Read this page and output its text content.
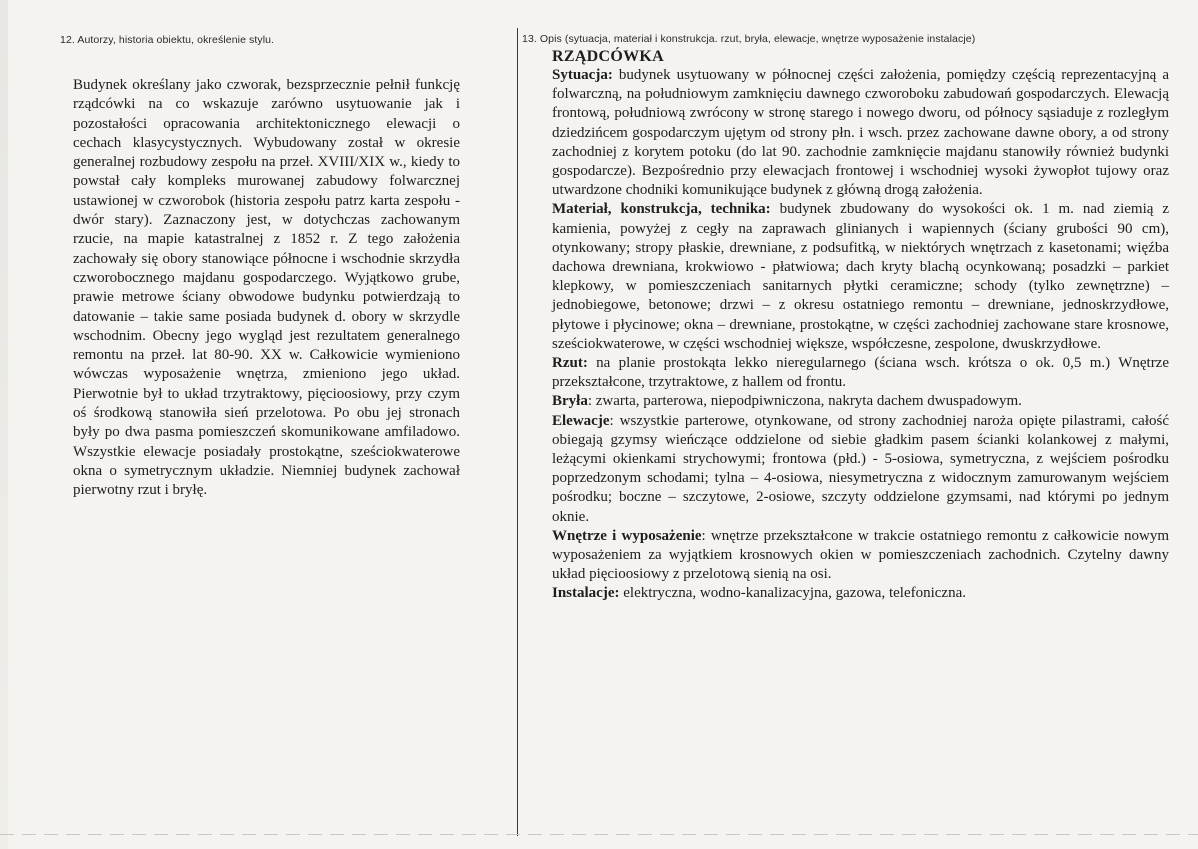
12. Autorzy, historia obiektu, określenie stylu.
Budynek określany jako czworak, bezsprzecznie pełnił funkcję rządcówki na co wskazuje zarówno usytuowanie jak i pozostałości opracowania architektonicznego elewacji o cechach klasycystycznych. Wybudowany został w okresie generalnej rozbudowy zespołu na przeł. XVIII/XIX w., kiedy to powstał cały kompleks murowanej zabudowy folwarcznej ustawionej w czworobok (historia zespołu patrz karta zespołu - dwór stary). Zaznaczony jest, w dotychczas zachowanym rzucie, na mapie katastralnej z 1852 r. Z tego założenia zachowały się obory stanowiące północne i wschodnie skrzydła czworobocznego majdanu gospodarczego. Wyjątkowo grube, prawie metrowe ściany obwodowe budynku potwierdzają to datowanie – takie same posiada budynek d. obory w skrzydle wschodnim. Obecny jego wygląd jest rezultatem generalnego remontu na przeł. lat 80-90. XX w. Całkowicie wymieniono wówczas wyposażenie wnętrza, zmieniono jego układ. Pierwotnie był to układ trzytraktowy, pięcioosiowy, przy czym oś środkową stanowiła sień przelotowa. Po obu jej stronach były po dwa pasma pomieszczeń skomunikowane amfiladowo. Wszystkie elewacje posiadały prostokątne, sześciokwaterowe okna o symetrycznym układzie. Niemniej budynek zachował pierwotny rzut i bryłę.
13. Opis (sytuacja, materiał i konstrukcja. rzut, bryła, elewacje, wnętrze wyposażenie instalacje)
RZĄDCÓWKA

Sytuacja: budynek usytuowany w północnej części założenia, pomiędzy częścią reprezentacyjną a folwarczną, na południowym zamknięciu dawnego czworoboku zabudowań gospodarczych. Elewacją frontową, południową zwrócony w stronę starego i nowego dworu, od północy sąsiaduje z rozległym dziedzińcem gospodarczym ujętym od strony płn. i wsch. przez zachowane dawne obory, a od strony zachodniej z korytem potoku (do lat 90. zachodnie zamknięcie majdanu stanowiły również budynki gospodarcze). Bezpośrednio przy elewacjach frontowej i wschodniej wysoki żywopłot tujowy oraz utwardzone chodniki komunikujące budynek z główną drogą założenia.

Materiał, konstrukcja, technika: budynek zbudowany do wysokości ok. 1 m. nad ziemią z kamienia, powyżej z cegły na zaprawach glinianych i wapiennych (ściany grubości 90 cm), otynkowany; stropy płaskie, drewniane, z podsufitką, w niektórych wnętrzach z kasetonami; więźba dachowa drewniana, krokwiowo - płatwiowa; dach kryty blachą ocynkowaną; posadzki – parkiet klepkowy, w pomieszczeniach sanitarnych płytki ceramiczne; schody (tylko zewnętrzne) – jednobiegowe, betonowe; drzwi – z okresu ostatniego remontu – drewniane, jednoskrzydłowe, płytowe i płycinowe; okna – drewniane, prostokątne, w części zachodniej zachowane stare krosnowe, sześciokwaterowe, w części wschodniej większe, współczesne, zespolone, dwuskrzydłowe.

Rzut: na planie prostokąta lekko nieregularnego (ściana wsch. krótsza o ok. 0,5 m.) Wnętrze przekształcone, trzytraktowe, z hallem od frontu.

Bryła: zwarta, parterowa, niepodpiwniczona, nakryta dachem dwuspadowym.

Elewacje: wszystkie parterowe, otynkowane, od strony zachodniej naroża opięte pilastrami, całość obiegają gzymsy wieńczące oddzielone od siebie gładkim pasem ścianki kolankowej z małymi, leżącymi okienkami strychowymi; frontowa (płd.) - 5-osiowa, symetryczna, z wejściem pośrodku poprzedzonym schodami; tylna – 4-osiowa, niesymetryczna z widocznym zamurowanym wejściem pośrodku; boczne – szczytowe, 2-osiowe, szczyty oddzielone gzymsami, nad którymi po jednym oknie.

Wnętrze i wyposażenie: wnętrze przekształcone w trakcie ostatniego remontu z całkowicie nowym wyposażeniem za wyjątkiem krosnowych okien w pomieszczeniach zachodnich. Czytelny dawny układ pięcioosiowy z przelotową sienią na osi.

Instalacje: elektryczna, wodno-kanalizacyjna, gazowa, telefoniczna.
